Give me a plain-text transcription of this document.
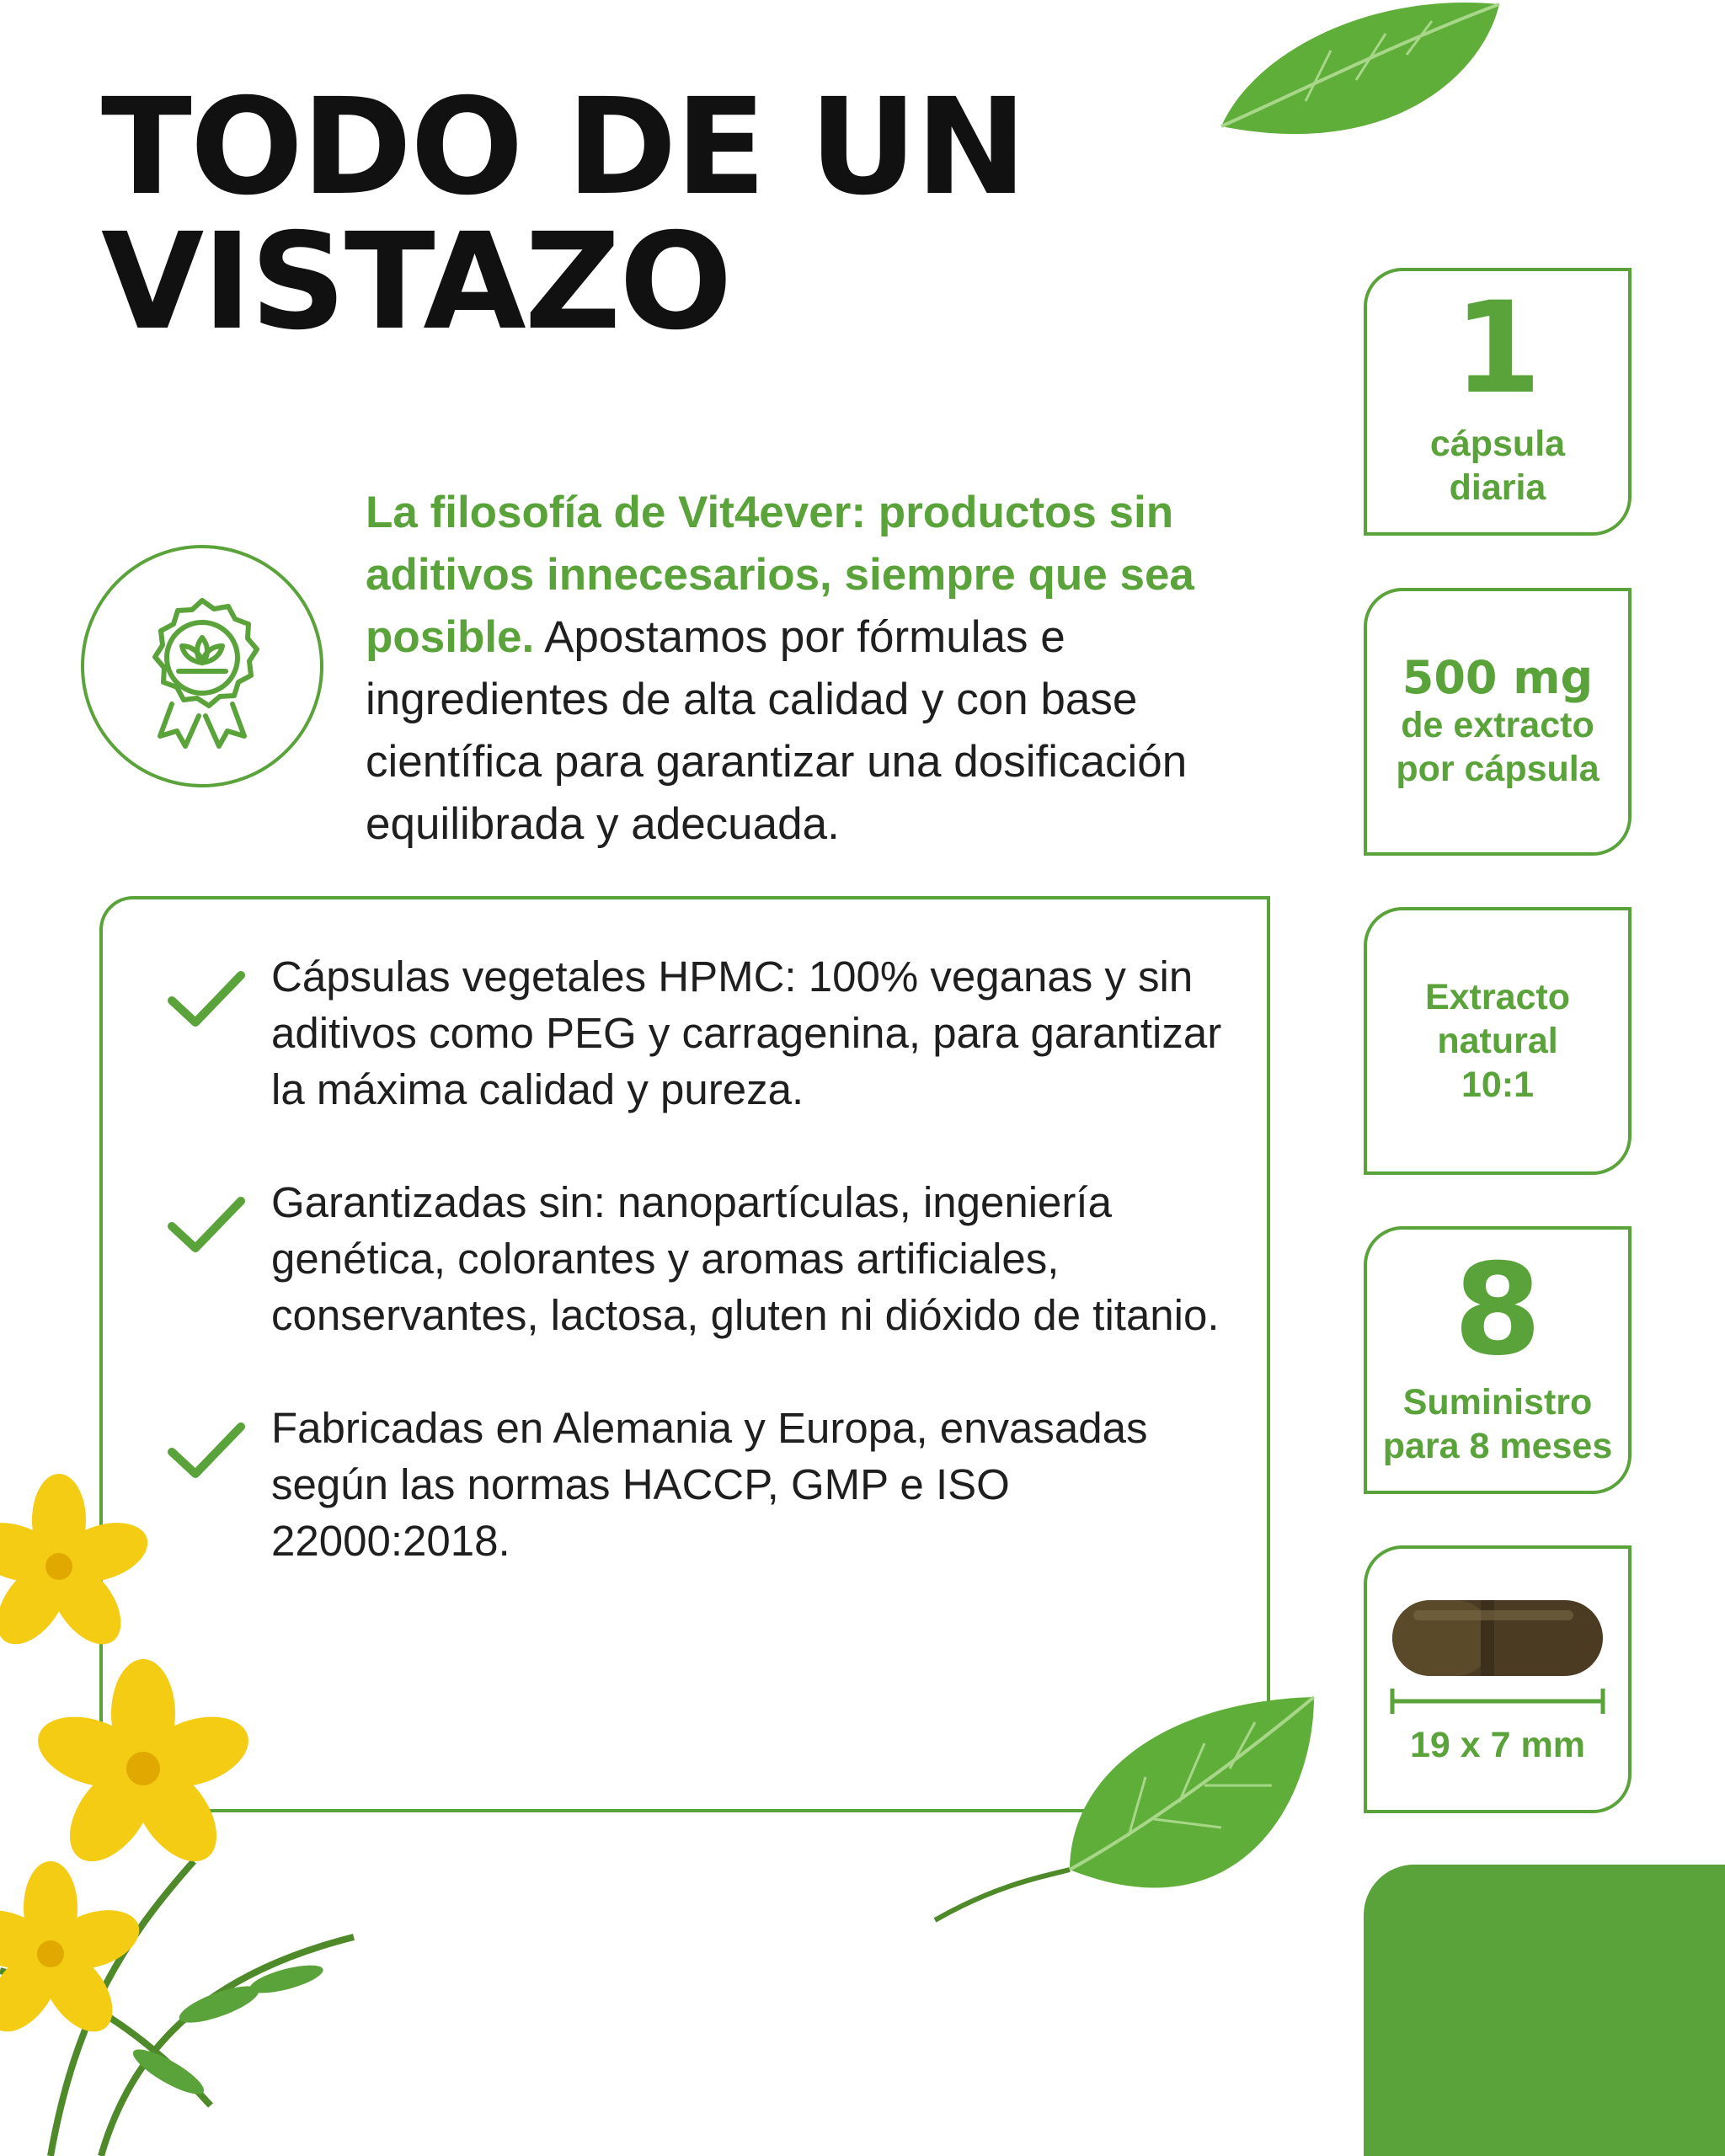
TODO DE UN
VISTAZO

La filosofía de Vit4ever: productos sin aditivos innecesarios, siempre que sea posible. Apostamos por fórmulas e ingredientes de alta calidad y con base científica para garantizar una dosificación equilibrada y adecuada.

Cápsulas vegetales HPMC: 100% veganas y sin aditivos como PEG y carragenina, para garantizar la máxima calidad y pureza.

Garantizadas sin: nanopartículas, ingeniería genética, colorantes y aromas artificiales, conservantes, lactosa, gluten ni dióxido de titanio.

Fabricadas en Alemania y Europa, envasadas según las normas HACCP, GMP e ISO 22000:2018.

1
cápsula
diaria
500 mg
de extracto
por cápsula
Extracto
natural
10:1
8
Suministro
para 8 meses
19 x 7 mm
